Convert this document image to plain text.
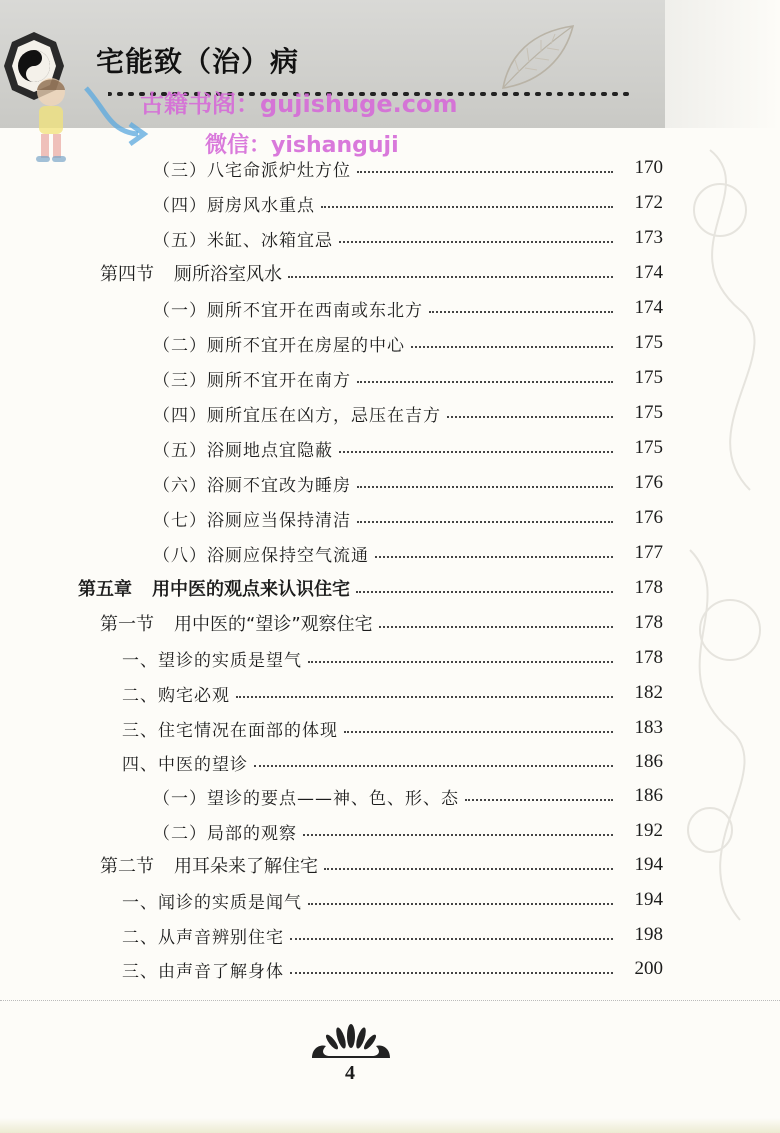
宅能致（治）病
古籍书阁：gujishuge.com
微信：yishanguji
（三）八宅命派炉灶方位	170
（四）厨房风水重点	172
（五）米缸、冰箱宜忌	173
第四节 厕所浴室风水	174
（一）厕所不宜开在西南或东北方	174
（二）厕所不宜开在房屋的中心	175
（三）厕所不宜开在南方	175
（四）厕所宜压在凶方，忌压在吉方	175
（五）浴厕地点宜隐蔽	175
（六）浴厕不宜改为睡房	176
（七）浴厕应当保持清洁	176
（八）浴厕应保持空气流通	177
第五章 用中医的观点来认识住宅	178
第一节 用中医的“望诊”观察住宅	178
一、望诊的实质是望气	178
二、购宅必观	182
三、住宅情况在面部的体现	183
四、中医的望诊	186
（一）望诊的要点——神、色、形、态	186
（二）局部的观察	192
第二节 用耳朵来了解住宅	194
一、闻诊的实质是闻气	194
二、从声音辨别住宅	198
三、由声音了解身体	200
4
